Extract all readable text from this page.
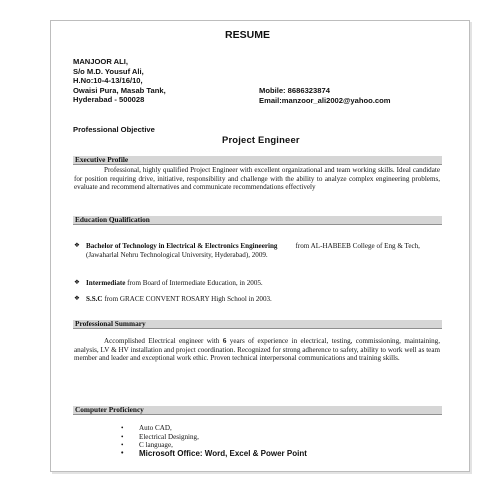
RESUME
MANJOOR ALI,
S/o M.D. Yousuf Ali,
H.No:10-4-13/16/10,
Owaisi Pura, Masab Tank,
Hyderabad - 500028
Mobile: 8686323874
Email:manzoor_ali2002@yahoo.com
Professional Objective
Project Engineer
Executive Profile
Professional, highly qualified Project Engineer with excellent organizational and team working skills. Ideal candidate for position requiring drive, initiative, responsibility and challenge with the ability to analyze complex engineering problems, evaluate and recommend alternatives and communicate recommendations effectively
Education Qualification
❖ Bachelor of Technology in Electrical & Electronics Engineering	from AL-HABEEB College of Eng & Tech, (Jawaharlal Nehru Technological University, Hyderabad), 2009.
❖ Intermediate from Board of Intermediate Education, in 2005.
❖ S.S.C from GRACE CONVENT ROSARY High School in 2003.
Professional Summary
Accomplished Electrical engineer with 6 years of experience in electrical, testing, commissioning, maintaining, analysis, LV & HV installation and project coordination. Recognized for strong adherence to safety, ability to work well as team member and leader and exceptional work ethic. Proven technical interpersonal communications and training skills.
Computer Proficiency
• Auto CAD,
• Electrical Designing,
• C language,
• Microsoft Office: Word, Excel & Power Point
